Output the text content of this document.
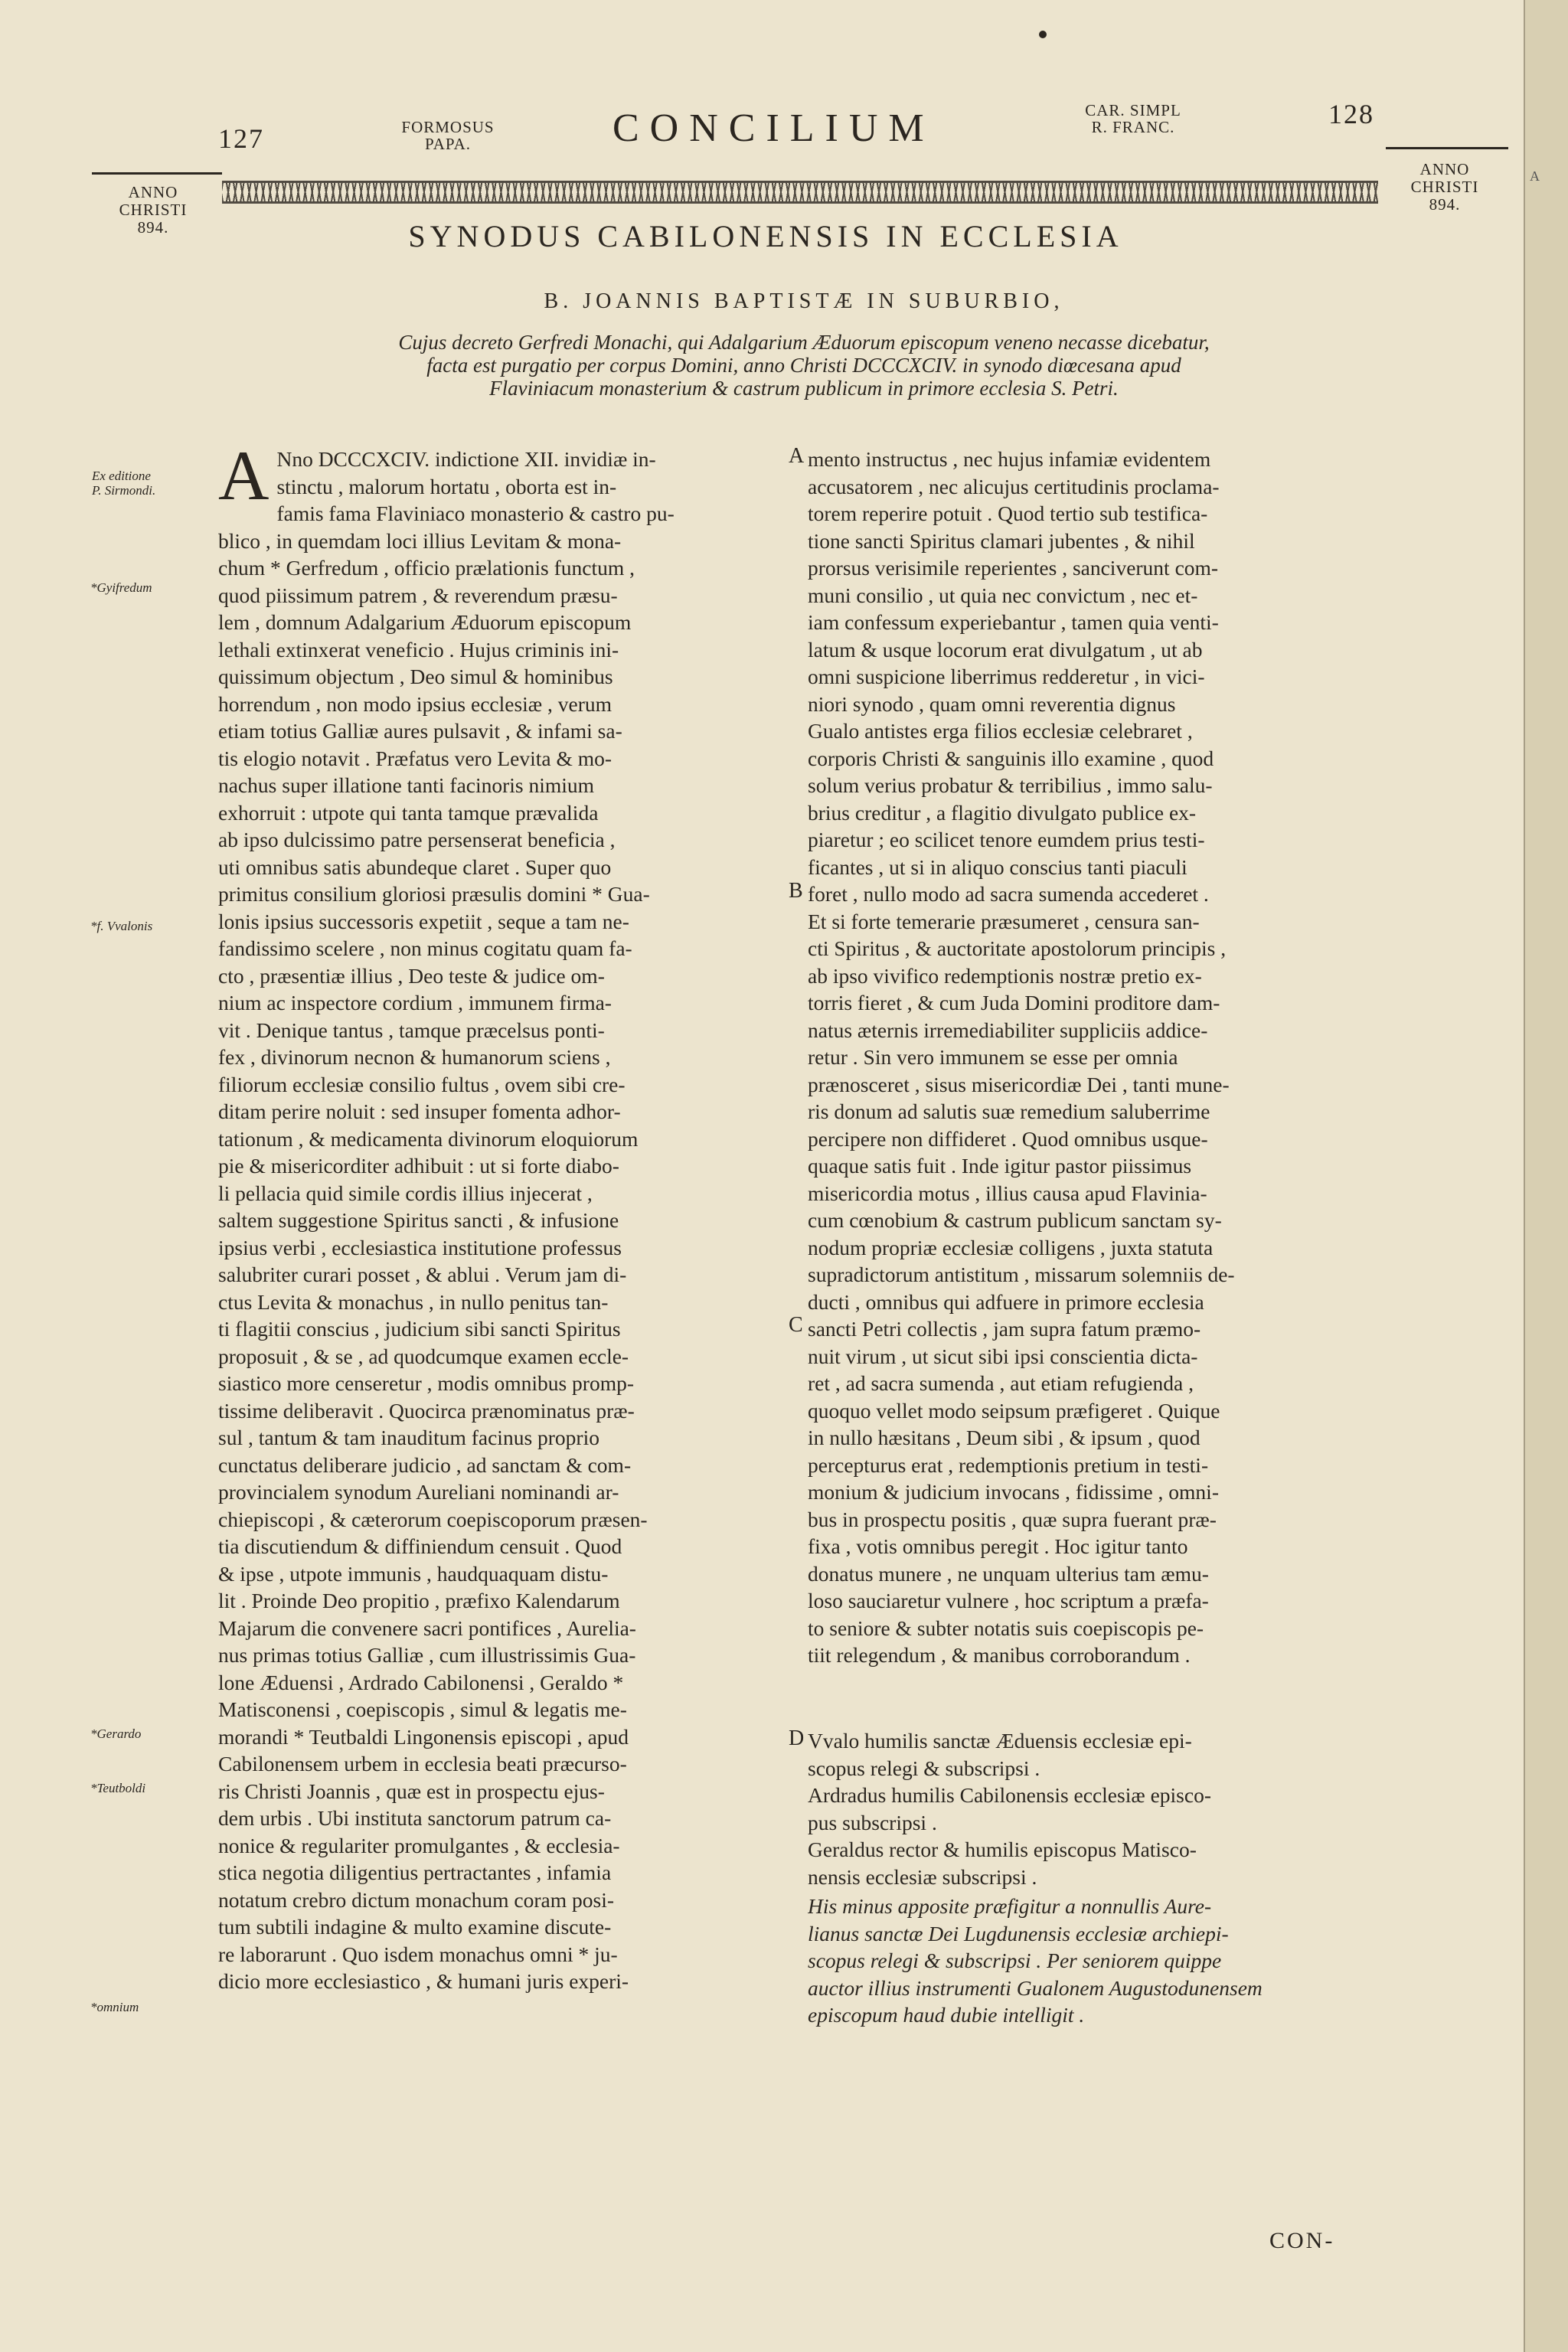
127	FORMOSUS
PAPA.	CONCILIUM	CAR. SIMPL
R. FRANC.	128
ANNO
CHRISTI
894.
ANNO
CHRISTI
894.
SYNODUS CABILONENSIS IN ECCLESIA
B. JOANNIS BAPTISTÆ IN SUBURBIO,
Cujus decreto Gerfredi Monachi, qui Adalgarium Æduorum episcopum veneno necasse dicebatur,
facta est purgatio per corpus Domini, anno Christi DCCCXCIV. in synodo diœcesana apud
Flaviniacum monasterium & castrum publicum in primore ecclesia S. Petri.
Ex editione
P. Sirmondi.
*Gyifredum
*f. Vvalonis
*Gerardo
*Teutboldi
*omnium
A
B
C
D
A Nno DCCCXCIV. indictione XII. invidiæ in-
stinctu , malorum hortatu , oborta est in-
famis fama Flaviniaco monasterio & castro pu-
blico , in quemdam loci illius Levitam & mona-
chum * Gerfredum , officio prælationis functum ,
quod piissimum patrem , & reverendum præsu-
lem , domnum Adalgarium Æduorum episcopum
lethali extinxerat veneficio . Hujus criminis ini-
quissimum objectum , Deo simul & hominibus
horrendum , non modo ipsius ecclesiæ , verum
etiam totius Galliæ aures pulsavit , & infami sa-
tis elogio notavit . Præfatus vero Levita & mo-
nachus super illatione tanti facinoris nimium
exhorruit : utpote qui tanta tamque prævalida
ab ipso dulcissimo patre persenserat beneficia ,
uti omnibus satis abundeque claret . Super quo
primitus consilium gloriosi præsulis domini * Gua-
lonis ipsius successoris expetiit , seque a tam ne-
fandissimo scelere , non minus cogitatu quam fa-
cto , præsentiæ illius , Deo teste & judice om-
nium ac inspectore cordium , immunem firma-
vit . Denique tantus , tamque præcelsus ponti-
fex , divinorum necnon & humanorum sciens ,
filiorum ecclesiæ consilio fultus , ovem sibi cre-
ditam perire noluit : sed insuper fomenta adhor-
tationum , & medicamenta divinorum eloquiorum
pie & misericorditer adhibuit : ut si forte diabo-
li pellacia quid simile cordis illius injecerat ,
saltem suggestione Spiritus sancti , & infusione
ipsius verbi , ecclesiastica institutione professus
salubriter curari posset , & ablui . Verum jam di-
ctus Levita & monachus , in nullo penitus tan-
ti flagitii conscius , judicium sibi sancti Spiritus
proposuit , & se , ad quodcumque examen eccle-
siastico more censeretur , modis omnibus promp-
tissime deliberavit . Quocirca prænominatus præ-
sul , tantum & tam inauditum facinus proprio
cunctatus deliberare judicio , ad sanctam & com-
provincialem synodum Aureliani nominandi ar-
chiepiscopi , & cæterorum coepiscoporum præsen-
tia discutiendum & diffiniendum censuit . Quod
& ipse , utpote immunis , haudquaquam distu-
lit . Proinde Deo propitio , præfixo Kalendarum
Majarum die convenere sacri pontifices , Aurelia-
nus primas totius Galliæ , cum illustrissimis Gua-
lone Æduensi , Ardrado Cabilonensi , Geraldo *
Matisconensi , coepiscopis , simul & legatis me-
morandi * Teutbaldi Lingonensis episcopi , apud
Cabilonensem urbem in ecclesia beati præcurso-
ris Christi Joannis , quæ est in prospectu ejus-
dem urbis . Ubi instituta sanctorum patrum ca-
nonice & regulariter promulgantes , & ecclesia-
stica negotia diligentius pertractantes , infamia
notatum crebro dictum monachum coram posi-
tum subtili indagine & multo examine discute-
re laborarunt . Quo isdem monachus omni * ju-
dicio more ecclesiastico , & humani juris experi-
mento instructus , nec hujus infamiæ evidentem
accusatorem , nec alicujus certitudinis proclama-
torem reperire potuit . Quod tertio sub testifica-
tione sancti Spiritus clamari jubentes , & nihil
prorsus verisimile reperientes , sanciverunt com-
muni consilio , ut quia nec convictum , nec et-
iam confessum experiebantur , tamen quia venti-
latum & usque locorum erat divulgatum , ut ab
omni suspicione liberrimus redderetur , in vici-
niori synodo , quam omni reverentia dignus
Gualo antistes erga filios ecclesiæ celebraret ,
corporis Christi & sanguinis illo examine , quod
solum verius probatur & terribilius , immo salu-
brius creditur , a flagitio divulgato publice ex-
piaretur ; eo scilicet tenore eumdem prius testi-
ficantes , ut si in aliquo conscius tanti piaculi
foret , nullo modo ad sacra sumenda accederet .
Et si forte temerarie præsumeret , censura san-
cti Spiritus , & auctoritate apostolorum principis ,
ab ipso vivifico redemptionis nostræ pretio ex-
torris fieret , & cum Juda Domini proditore dam-
natus æternis irremediabiliter suppliciis addice-
retur . Sin vero immunem se esse per omnia
prænosceret , sisus misericordiæ Dei , tanti mune-
ris donum ad salutis suæ remedium saluberrime
percipere non diffideret . Quod omnibus usque-
quaque satis fuit . Inde igitur pastor piissimus
misericordia motus , illius causa apud Flavinia-
cum cœnobium & castrum publicum sanctam sy-
nodum propriæ ecclesiæ colligens , juxta statuta
supradictorum antistitum , missarum solemniis de-
ducti , omnibus qui adfuere in primore ecclesia
sancti Petri collectis , jam supra fatum præmo-
nuit virum , ut sicut sibi ipsi conscientia dicta-
ret , ad sacra sumenda , aut etiam refugienda ,
quoquo vellet modo seipsum præfigeret . Quique
in nullo hæsitans , Deum sibi , & ipsum , quod
percepturus erat , redemptionis pretium in testi-
monium & judicium invocans , fidissime , omni-
bus in prospectu positis , quæ supra fuerant præ-
fixa , votis omnibus peregit . Hoc igitur tanto
donatus munere , ne unquam ulterius tam æmu-
loso sauciaretur vulnere , hoc scriptum a præfa-
to seniore & subter notatis suis coepiscopis pe-
tiit relegendum , & manibus corroborandum .
Vvalo humilis sanctæ Æduensis ecclesiæ epi-
scopus relegi & subscripsi .
Ardradus humilis Cabilonensis ecclesiæ episco-
pus subscripsi .
Geraldus rector & humilis episcopus Matisco-
nensis ecclesiæ subscripsi .
His minus apposite præfigitur a nonnullis Aure-
lianus sanctæ Dei Lugdunensis ecclesiæ archiepi-
scopus relegi & subscripsi . Per seniorem quippe
auctor illius instrumenti Gualonem Augustodunensem
episcopum haud dubie intelligit .
CON-
A
